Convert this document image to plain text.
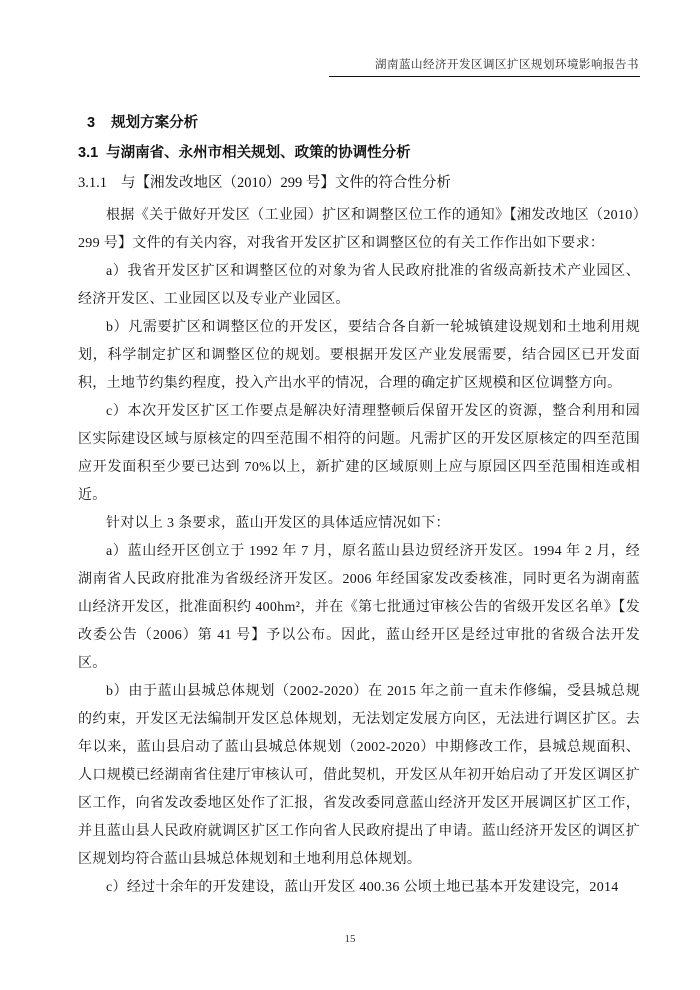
湖南蓝山经济开发区调区扩区规划环境影响报告书
3 规划方案分析
3.1 与湖南省、永州市相关规划、政策的协调性分析
3.1.1 与【湘发改地区（2010）299 号】文件的符合性分析

根据《关于做好开发区（工业园）扩区和调整区位工作的通知》【湘发改地区（2010）299 号】文件的有关内容，对我省开发区扩区和调整区位的有关工作作出如下要求：

a）我省开发区扩区和调整区位的对象为省人民政府批准的省级高新技术产业园区、经济开发区、工业园区以及专业产业园区。

b）凡需要扩区和调整区位的开发区，要结合各自新一轮城镇建设规划和土地利用规划，科学制定扩区和调整区位的规划。要根据开发区产业发展需要，结合园区已开发面积，土地节约集约程度，投入产出水平的情况，合理的确定扩区规模和区位调整方向。

c）本次开发区扩区工作要点是解决好清理整顿后保留开发区的资源，整合利用和园区实际建设区域与原核定的四至范围不相符的问题。凡需扩区的开发区原核定的四至范围应开发面积至少要已达到 70%以上，新扩建的区域原则上应与原园区四至范围相连或相近。

针对以上 3 条要求，蓝山开发区的具体适应情况如下：

a）蓝山经开区创立于 1992 年 7 月，原名蓝山县边贸经济开发区。1994 年 2 月，经湖南省人民政府批准为省级经济开发区。2006 年经国家发改委核准，同时更名为湖南蓝山经济开发区，批准面积约 400hm²，并在《第七批通过审核公告的省级开发区名单》【发改委公告（2006）第 41 号】予以公布。因此，蓝山经开区是经过审批的省级合法开发区。

b）由于蓝山县城总体规划（2002-2020）在 2015 年之前一直未作修编，受县城总规的约束，开发区无法编制开发区总体规划，无法划定发展方向区，无法进行调区扩区。去年以来，蓝山县启动了蓝山县城总体规划（2002-2020）中期修改工作，县城总规面积、人口规模已经湖南省住建厅审核认可，借此契机，开发区从年初开始启动了开发区调区扩区工作，向省发改委地区处作了汇报，省发改委同意蓝山经济开发区开展调区扩区工作，并且蓝山县人民政府就调区扩区工作向省人民政府提出了申请。蓝山经济开发区的调区扩区规划均符合蓝山县城总体规划和土地利用总体规划。

c）经过十余年的开发建设，蓝山开发区 400.36 公顷土地已基本开发建设完，2014

15
